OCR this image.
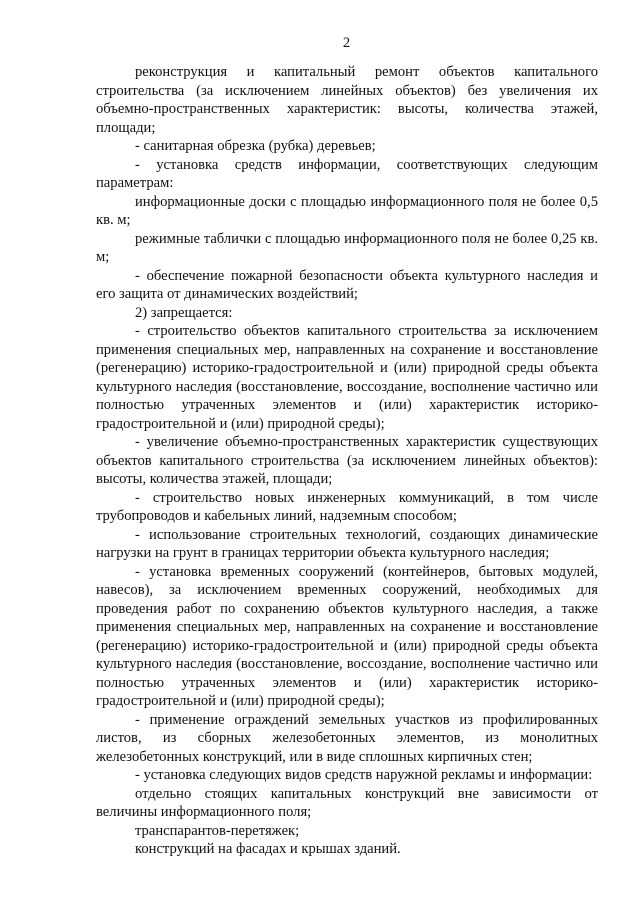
2

реконструкция и капитальный ремонт объектов капитального строительства (за исключением линейных объектов) без увеличения их объемно-пространственных характеристик: высоты, количества этажей, площади;

- санитарная обрезка (рубка) деревьев;

- установка средств информации, соответствующих следующим параметрам:

информационные доски с площадью информационного поля не более 0,5 кв. м;

режимные таблички с площадью информационного поля не более 0,25 кв. м;

- обеспечение пожарной безопасности объекта культурного наследия и его защита от динамических воздействий;

2) запрещается:

- строительство объектов капитального строительства за исключением применения специальных мер, направленных на сохранение и восстановление (регенерацию) историко-градостроительной и (или) природной среды объекта культурного наследия (восстановление, воссоздание, восполнение частично или полностью утраченных элементов и (или) характеристик историко-градостроительной и (или) природной среды);

- увеличение объемно-пространственных характеристик существующих объектов капитального строительства (за исключением линейных объектов): высоты, количества этажей, площади;

- строительство новых инженерных коммуникаций, в том числе трубопроводов и кабельных линий, надземным способом;

- использование строительных технологий, создающих динамические нагрузки на грунт в границах территории объекта культурного наследия;

- установка временных сооружений (контейнеров, бытовых модулей, навесов), за исключением временных сооружений, необходимых для проведения работ по сохранению объектов культурного наследия, а также применения специальных мер, направленных на сохранение и восстановление (регенерацию) историко-градостроительной и (или) природной среды объекта культурного наследия (восстановление, воссоздание, восполнение частично или полностью утраченных элементов и (или) характеристик историко-градостроительной и (или) природной среды);

- применение ограждений земельных участков из профилированных листов, из сборных железобетонных элементов, из монолитных железобетонных конструкций, или в виде сплошных кирпичных стен;

- установка следующих видов средств наружной рекламы и информации:

отдельно стоящих капитальных конструкций вне зависимости от величины информационного поля;

транспарантов-перетяжек;

конструкций на фасадах и крышах зданий.
